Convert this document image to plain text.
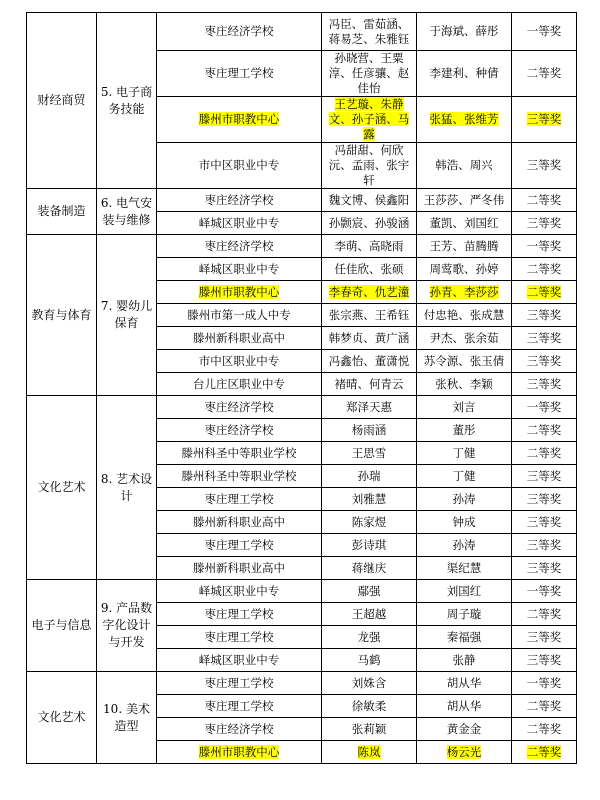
财经商贸	5. 电子商务技能	枣庄经济学校	冯臣、雷茹涵、蒋易芝、朱雅钰	于海斌、薛彤	一等奖
		枣庄理工学校	孙晓营、王粟淳、任彦骧、赵佳怡	李建利、种倩	二等奖
		滕州市职教中心	王艺璇、朱静文、孙子涵、马露	张猛、张维芳	三等奖
		市中区职业中专	冯甜甜、何欣沅、孟雨、张宇轩	韩浩、周兴	三等奖
装备制造	6. 电气安装与维修	枣庄经济学校	魏文博、侯鑫阳	王莎莎、严冬伟	二等奖
		峄城区职业中专	孙颢宸、孙骏涵	董凯、刘国红	三等奖
教育与体育	7. 婴幼儿保育	枣庄经济学校	李萌、高晓雨	王芳、苗腾腾	一等奖
		峄城区职业中专	任佳欣、张硕	周莺歌、孙婷	二等奖
		滕州市职教中心	李春奇、仇艺潼	孙青、李莎莎	二等奖
		滕州市第一成人中专	张宗燕、王希钰	付忠艳、张成慧	三等奖
		滕州新科职业高中	韩梦贞、黄广涵	尹杰、张余茹	三等奖
		市中区职业中专	冯鑫怡、董潇悦	苏令源、张玉倩	三等奖
		台儿庄区职业中专	褚晴、何青云	张秋、李颖	三等奖
文化艺术	8. 艺术设计	枣庄经济学校	郑泽天惠	刘言	一等奖
		枣庄经济学校	杨雨涵	董彤	二等奖
		滕州科圣中等职业学校	王思雪	丁健	二等奖
		滕州科圣中等职业学校	孙瑞	丁健	三等奖
		枣庄理工学校	刘雅慧	孙涛	三等奖
		滕州新科职业高中	陈家煜	钟成	三等奖
		枣庄理工学校	彭诗琪	孙涛	三等奖
		滕州新科职业高中	蒋继庆	渠纪慧	三等奖
电子与信息	9. 产品数字化设计与开发	峄城区职业中专	鄢强	刘国红	一等奖
		枣庄理工学校	王超越	周子璇	二等奖
		枣庄理工学校	龙强	秦福强	三等奖
		峄城区职业中专	马鹤	张静	三等奖
文化艺术	10. 美术造型	枣庄理工学校	刘姝含	胡从华	一等奖
		枣庄理工学校	徐敏柔	胡从华	二等奖
		枣庄经济学校	张莉颖	黄金金	二等奖
		滕州市职教中心	陈岚	杨云光	二等奖
